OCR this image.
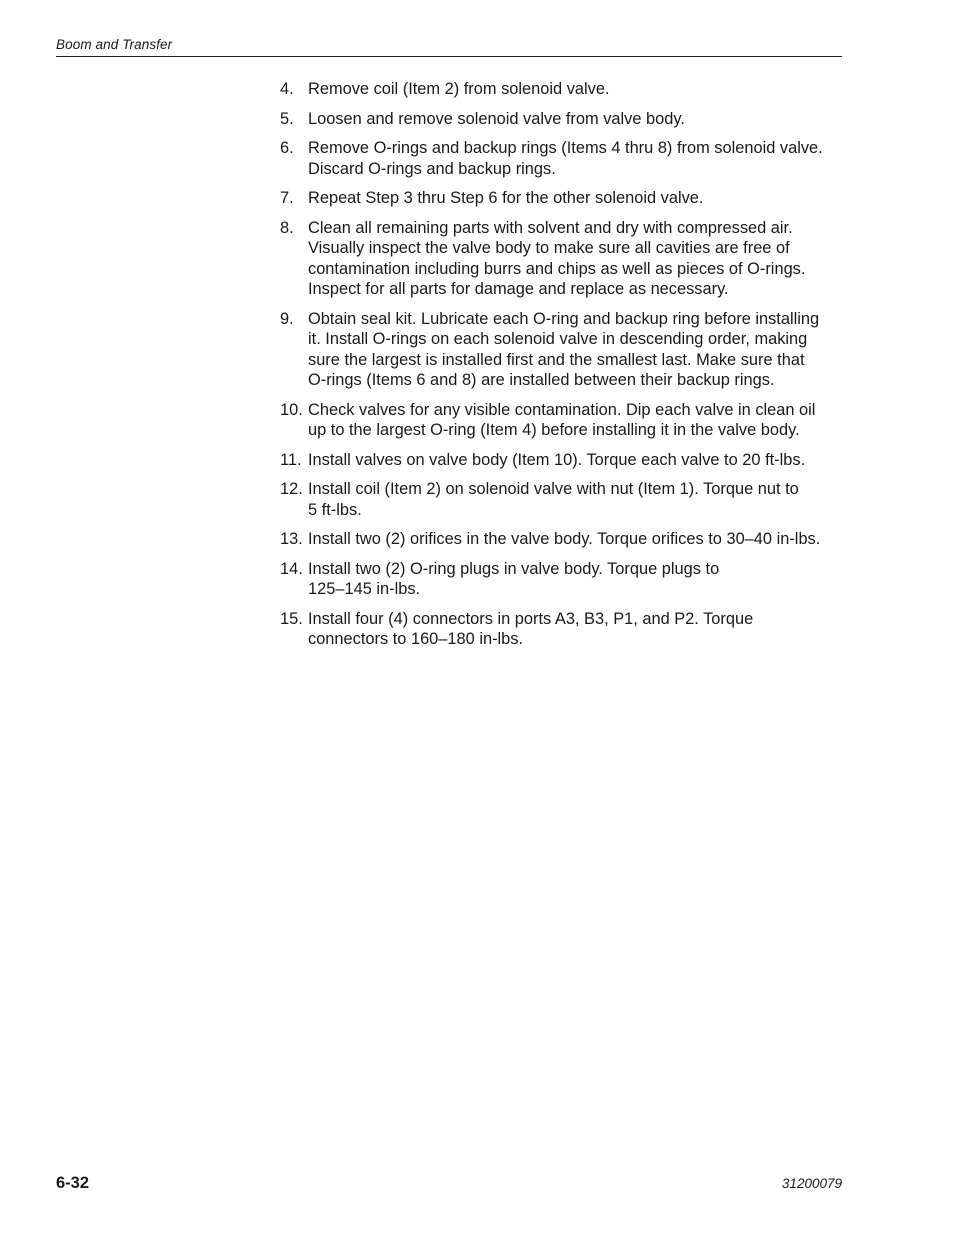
Boom and Transfer
4. Remove coil (Item 2) from solenoid valve.
5. Loosen and remove solenoid valve from valve body.
6. Remove O-rings and backup rings (Items 4 thru 8) from solenoid valve.
Discard O-rings and backup rings.
7. Repeat Step 3 thru Step 6 for the other solenoid valve.
8. Clean all remaining parts with solvent and dry with compressed air.
Visually inspect the valve body to make sure all cavities are free of
contamination including burrs and chips as well as pieces of O-rings.
Inspect for all parts for damage and replace as necessary.
9. Obtain seal kit. Lubricate each O-ring and backup ring before installing
it. Install O-rings on each solenoid valve in descending order, making
sure the largest is installed first and the smallest last. Make sure that
O-rings (Items 6 and 8) are installed between their backup rings.
10. Check valves for any visible contamination. Dip each valve in clean oil
up to the largest O-ring (Item 4) before installing it in the valve body.
11. Install valves on valve body (Item 10). Torque each valve to 20 ft-lbs.
12. Install coil (Item 2) on solenoid valve with nut (Item 1). Torque nut to
5 ft-lbs.
13. Install two (2) orifices in the valve body. Torque orifices to 30–40 in-lbs.
14. Install two (2) O-ring plugs in valve body. Torque plugs to
125–145 in-lbs.
15. Install four (4) connectors in ports A3, B3, P1, and P2. Torque
connectors to 160–180 in-lbs.
6-32	31200079
